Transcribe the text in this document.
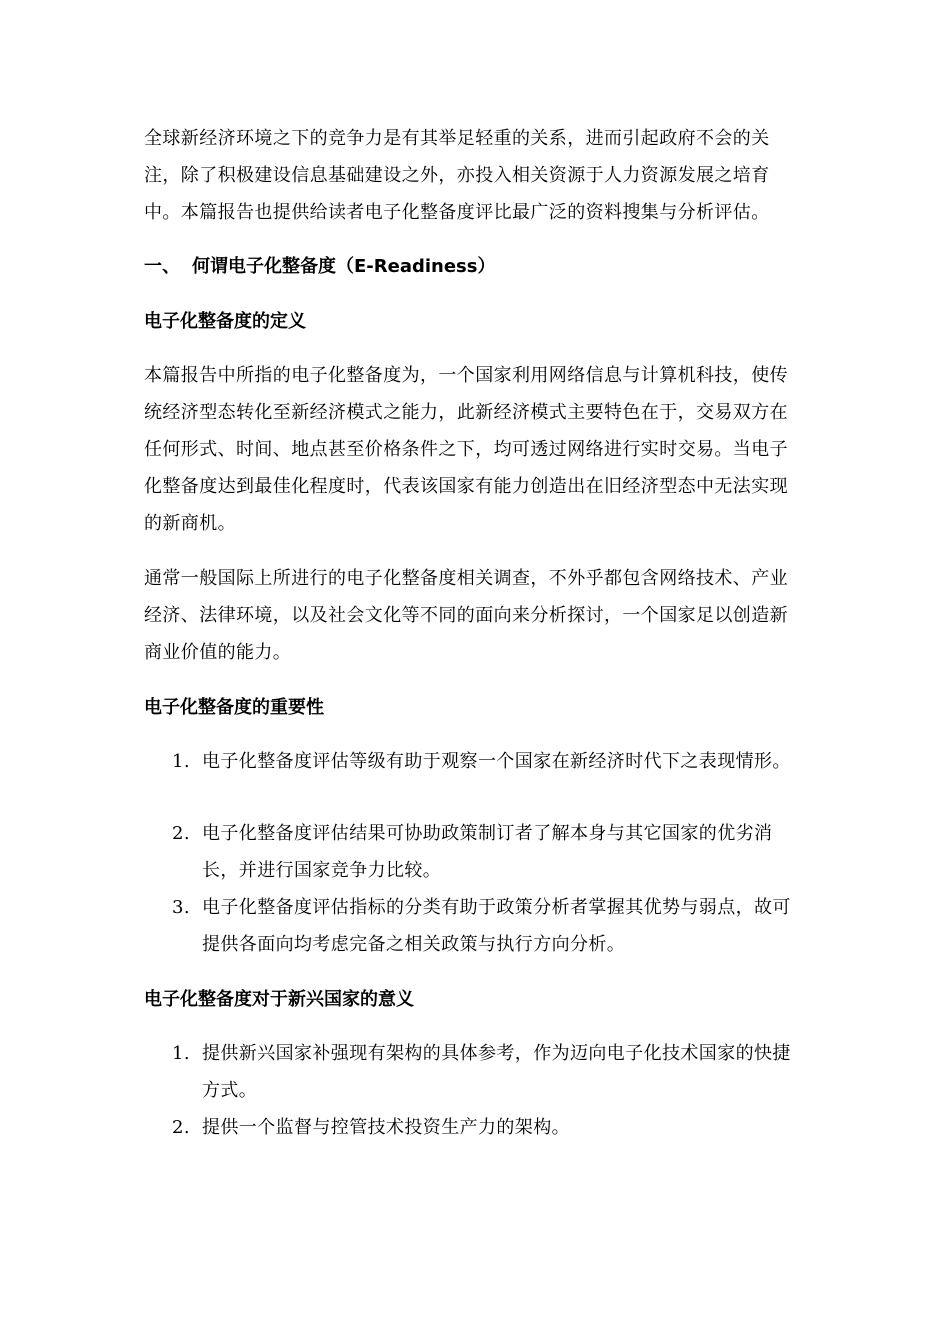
全球新经济环境之下的竞争力是有其举足轻重的关系，进而引起政府不会的关注，除了积极建设信息基础建设之外，亦投入相关资源于人力资源发展之培育中。本篇报告也提供给读者电子化整备度评比最广泛的资料搜集与分析评估。

一、 何谓电子化整备度（E-Readiness）

电子化整备度的定义

本篇报告中所指的电子化整备度为，一个国家利用网络信息与计算机科技，使传统经济型态转化至新经济模式之能力，此新经济模式主要特色在于，交易双方在任何形式、时间、地点甚至价格条件之下，均可透过网络进行实时交易。当电子化整备度达到最佳化程度时，代表该国家有能力创造出在旧经济型态中无法实现的新商机。

通常一般国际上所进行的电子化整备度相关调查，不外乎都包含网络技术、产业经济、法律环境，以及社会文化等不同的面向来分析探讨，一个国家足以创造新商业价值的能力。

电子化整备度的重要性

1. 电子化整备度评估等级有助于观察一个国家在新经济时代下之表现情形。
2. 电子化整备度评估结果可协助政策制订者了解本身与其它国家的优劣消长，并进行国家竞争力比较。
3. 电子化整备度评估指标的分类有助于政策分析者掌握其优势与弱点，故可提供各面向均考虑完备之相关政策与执行方向分析。

电子化整备度对于新兴国家的意义

1. 提供新兴国家补强现有架构的具体参考，作为迈向电子化技术国家的快捷方式。
2. 提供一个监督与控管技术投资生产力的架构。
